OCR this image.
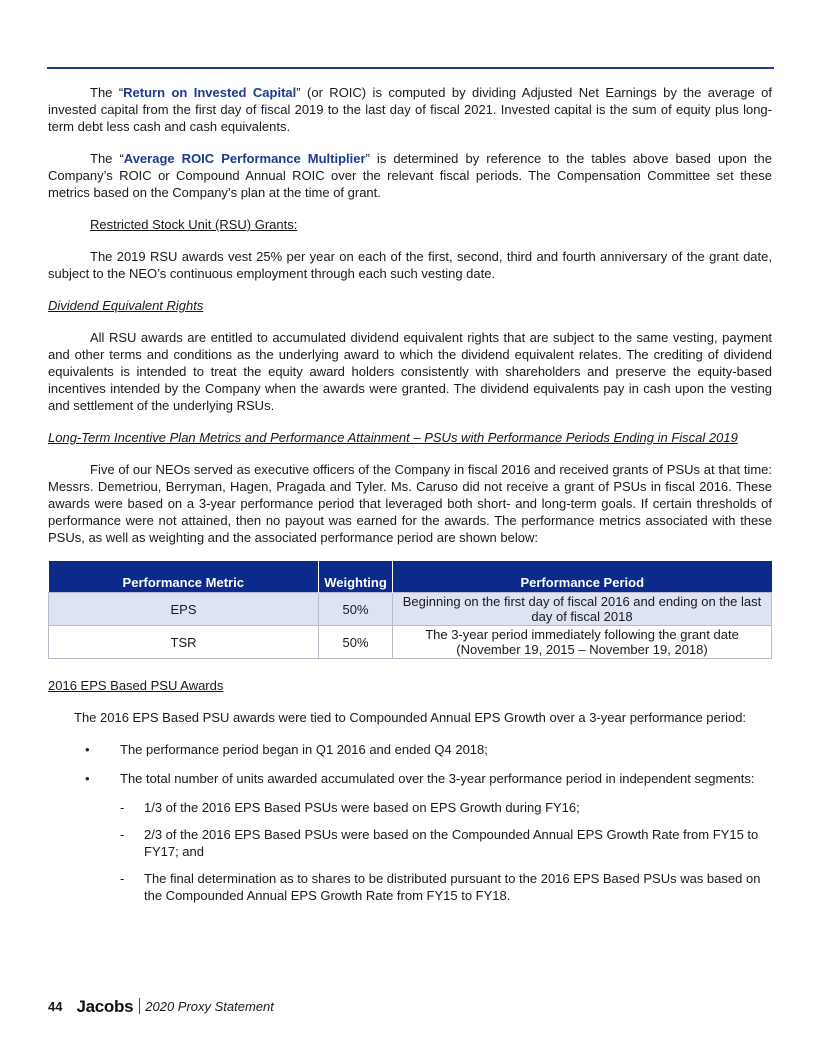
The “Return on Invested Capital” (or ROIC) is computed by dividing Adjusted Net Earnings by the average of invested capital from the first day of fiscal 2019 to the last day of fiscal 2021. Invested capital is the sum of equity plus long-term debt less cash and cash equivalents.

The “Average ROIC Performance Multiplier” is determined by reference to the tables above based upon the Company’s ROIC or Compound Annual ROIC over the relevant fiscal periods. The Compensation Committee set these metrics based on the Company’s plan at the time of grant.

Restricted Stock Unit (RSU) Grants:

The 2019 RSU awards vest 25% per year on each of the first, second, third and fourth anniversary of the grant date, subject to the NEO’s continuous employment through each such vesting date.

Dividend Equivalent Rights

All RSU awards are entitled to accumulated dividend equivalent rights that are subject to the same vesting, payment and other terms and conditions as the underlying award to which the dividend equivalent relates. The crediting of dividend equivalents is intended to treat the equity award holders consistently with shareholders and preserve the equity-based incentives intended by the Company when the awards were granted. The dividend equivalents pay in cash upon the vesting and settlement of the underlying RSUs.

Long-Term Incentive Plan Metrics and Performance Attainment – PSUs with Performance Periods Ending in Fiscal 2019

Five of our NEOs served as executive officers of the Company in fiscal 2016 and received grants of PSUs at that time: Messrs. Demetriou, Berryman, Hagen, Pragada and Tyler. Ms. Caruso did not receive a grant of PSUs in fiscal 2016. These awards were based on a 3-year performance period that leveraged both short- and long-term goals. If certain thresholds of performance were not attained, then no payout was earned for the awards. The performance metrics associated with these PSUs, as well as weighting and the associated performance period are shown below:

Performance Metric	Weighting	Performance Period
EPS	50%	Beginning on the first day of fiscal 2016 and ending on the last day of fiscal 2018
TSR	50%	The 3-year period immediately following the grant date (November 19, 2015 – November 19, 2018)

2016 EPS Based PSU Awards

The 2016 EPS Based PSU awards were tied to Compounded Annual EPS Growth over a 3-year performance period:

• The performance period began in Q1 2016 and ended Q4 2018;
• The total number of units awarded accumulated over the 3-year performance period in independent segments:
- 1/3 of the 2016 EPS Based PSUs were based on EPS Growth during FY16;
- 2/3 of the 2016 EPS Based PSUs were based on the Compounded Annual EPS Growth Rate from FY15 to FY17; and
- The final determination as to shares to be distributed pursuant to the 2016 EPS Based PSUs was based on the Compounded Annual EPS Growth Rate from FY15 to FY18.
44 Jacobs 2020 Proxy Statement
